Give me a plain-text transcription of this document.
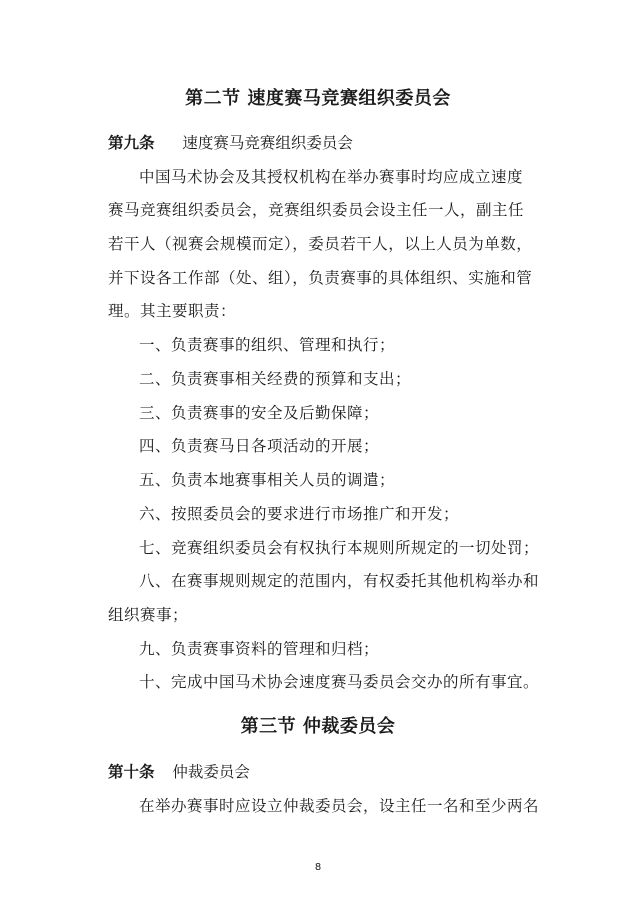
第二节 速度赛马竞赛组织委员会
第九条 速度赛马竞赛组织委员会
中国马术协会及其授权机构在举办赛事时均应成立速度
赛马竞赛组织委员会，竞赛组织委员会设主任一人，副主任
若干人（视赛会规模而定），委员若干人，以上人员为单数，
并下设各工作部（处、组），负责赛事的具体组织、实施和管
理。其主要职责：
一、负责赛事的组织、管理和执行；
二、负责赛事相关经费的预算和支出；
三、负责赛事的安全及后勤保障；
四、负责赛马日各项活动的开展；
五、负责本地赛事相关人员的调遣；
六、按照委员会的要求进行市场推广和开发；
七、竞赛组织委员会有权执行本规则所规定的一切处罚；
八、在赛事规则规定的范围内，有权委托其他机构举办和
组织赛事；
九、负责赛事资料的管理和归档；
十、完成中国马术协会速度赛马委员会交办的所有事宜。
第三节 仲裁委员会
第十条 仲裁委员会
在举办赛事时应设立仲裁委员会，设主任一名和至少两名
8
